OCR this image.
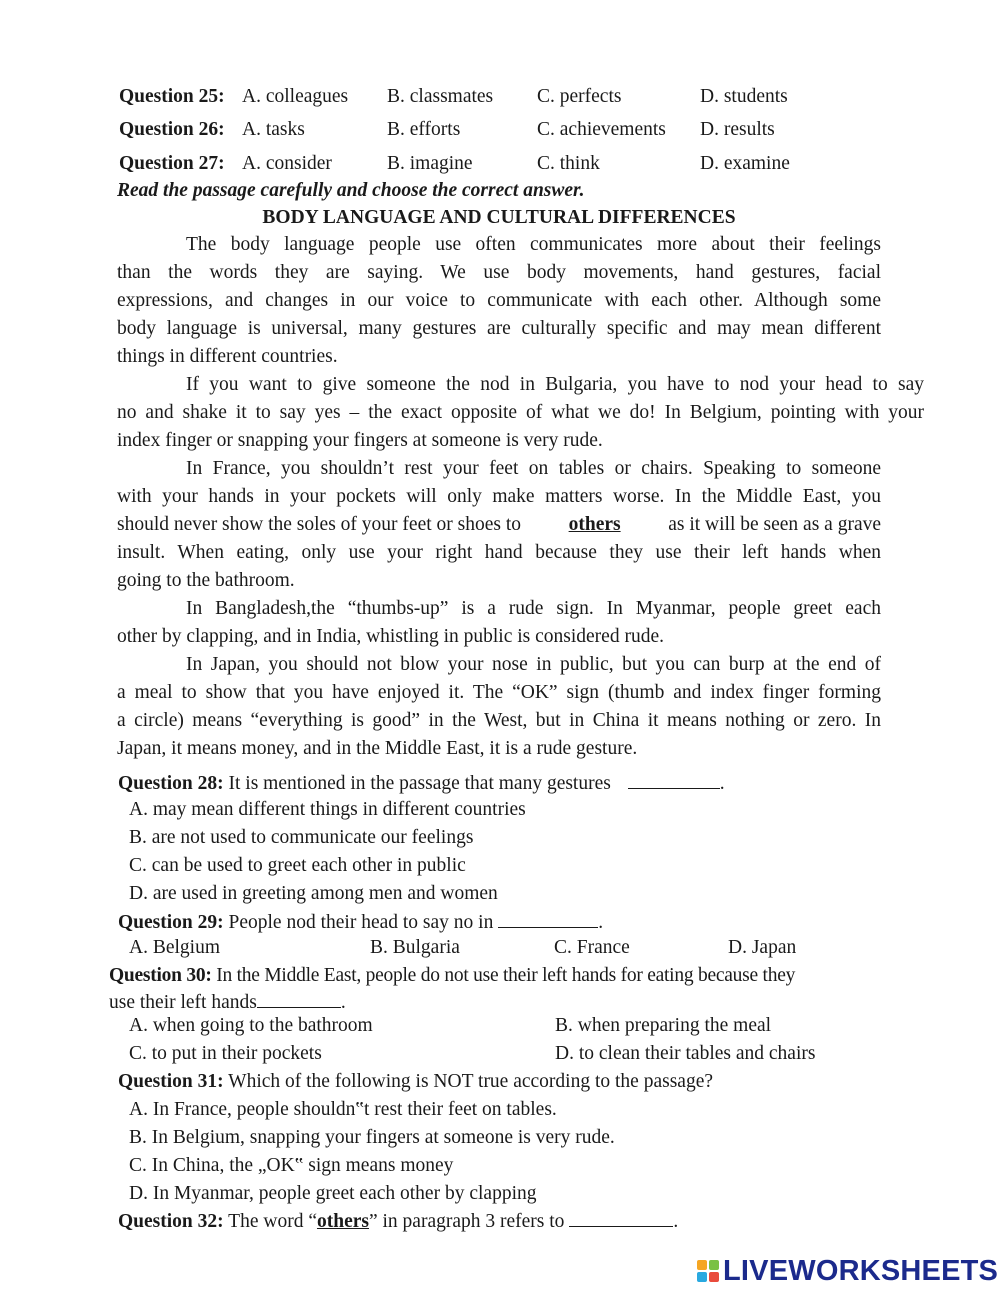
Question 25: A. colleagues B. classmates C. perfects	D. students
Question 26: A. tasks	B. efforts	C. achievements D. results
Question 27: A. consider	B. imagine	C. think	D. examine
Read the passage carefully and choose the correct answer.
BODY LANGUAGE AND CULTURAL DIFFERENCES
The body language people use often communicates more about their feelings
than the words they are saying. We use body movements, hand gestures, facial
expressions, and changes in our voice to communicate with each other. Although some
body language is universal, many gestures are culturally specific and may mean different
things in different countries.
If you want to give someone the nod in Bulgaria, you have to nod your head to say
no and shake it to say yes – the exact opposite of what we do! In Belgium, pointing with your
index finger or snapping your fingers at someone is very rude.
In France, you shouldn’t rest your feet on tables or chairs. Speaking to someone
with your hands in your pockets will only make matters worse. In the Middle East, you
should never show the soles of your feet or shoes to others as it will be seen as a grave
insult. When eating, only use your right hand because they use their left hands when
going to the bathroom.
In Bangladesh,the “thumbs-up” is a rude sign. In Myanmar, people greet each
other by clapping, and in India, whistling in public is considered rude.
In Japan, you should not blow your nose in public, but you can burp at the end of
a meal to show that you have enjoyed it. The “OK” sign (thumb and index finger forming
a circle) means “everything is good” in the West, but in China it means nothing or zero. In
Japan, it means money, and in the Middle East, it is a rude gesture.
Question 28: It is mentioned in the passage that many gestures	.
A. may mean different things in different countries
B. are not used to communicate our feelings
C. can be used to greet each other in public
D. are used in greeting among men and women
Question 29: People nod their head to say no in	.
A. Belgium	B. Bulgaria	C. France	D. Japan
Question 30: In the Middle East, people do not use their left hands for eating because they
use their left hands	.
A. when going to the bathroom	B. when preparing the meal
C. to put in their pockets	D. to clean their tables and chairs
Question 31: Which of the following is NOT true according to the passage?
A. In France, people shouldn‟t rest their feet on tables.
B. In Belgium, snapping your fingers at someone is very rude.
C. In China, the „OK‟ sign means money
D. In Myanmar, people greet each other by clapping
Question 32: The word “others” in paragraph 3 refers to	.
LIVEWORKSHEETS
